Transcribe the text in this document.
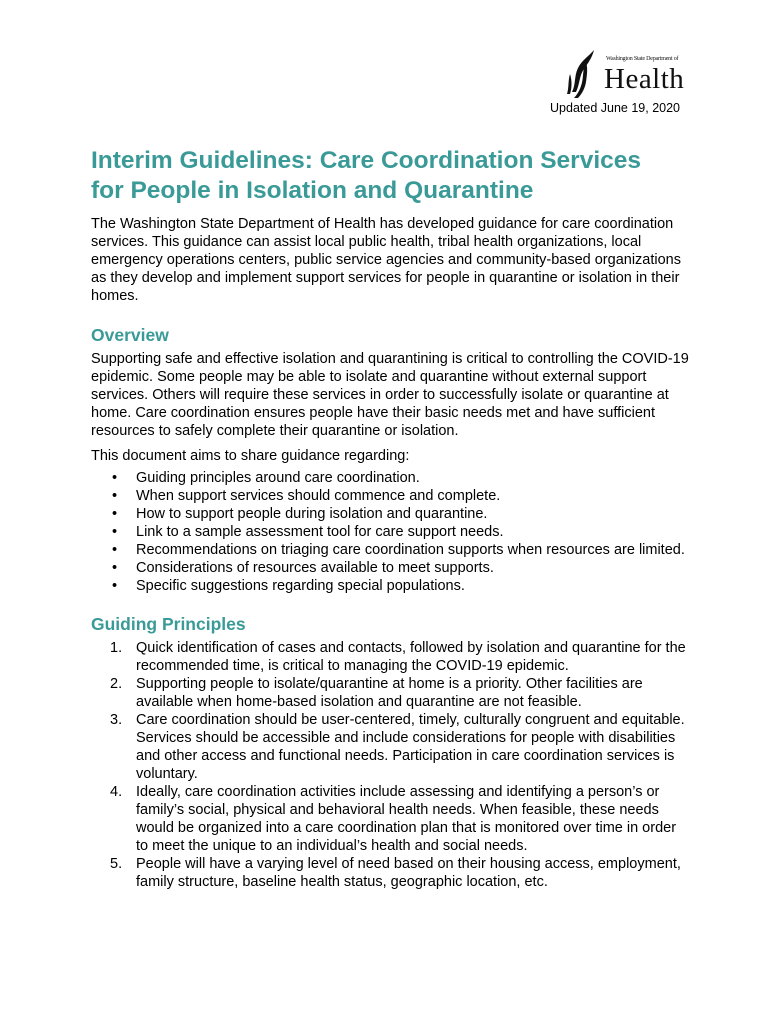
Washington State Department of
Health
Updated June 19, 2020
Interim Guidelines: Care Coordination Services
for People in Isolation and Quarantine

The Washington State Department of Health has developed guidance for care coordination services. This guidance can assist local public health, tribal health organizations, local emergency operations centers, public service agencies and community-based organizations as they develop and implement support services for people in quarantine or isolation in their homes.

Overview

Supporting safe and effective isolation and quarantining is critical to controlling the COVID-19 epidemic. Some people may be able to isolate and quarantine without external support services. Others will require these services in order to successfully isolate or quarantine at home. Care coordination ensures people have their basic needs met and have sufficient resources to safely complete their quarantine or isolation.

This document aims to share guidance regarding:

• Guiding principles around care coordination.
• When support services should commence and complete.
• How to support people during isolation and quarantine.
• Link to a sample assessment tool for care support needs.
• Recommendations on triaging care coordination supports when resources are limited.
• Considerations of resources available to meet supports.
• Specific suggestions regarding special populations.
Guiding Principles
1. Quick identification of cases and contacts, followed by isolation and quarantine for the recommended time, is critical to managing the COVID-19 epidemic.
2. Supporting people to isolate/quarantine at home is a priority. Other facilities are available when home-based isolation and quarantine are not feasible.
3. Care coordination should be user-centered, timely, culturally congruent and equitable. Services should be accessible and include considerations for people with disabilities and other access and functional needs. Participation in care coordination services is voluntary.
4. Ideally, care coordination activities include assessing and identifying a person’s or family’s social, physical and behavioral health needs. When feasible, these needs would be organized into a care coordination plan that is monitored over time in order to meet the unique to an individual’s health and social needs.
5. People will have a varying level of need based on their housing access, employment, family structure, baseline health status, geographic location, etc.
